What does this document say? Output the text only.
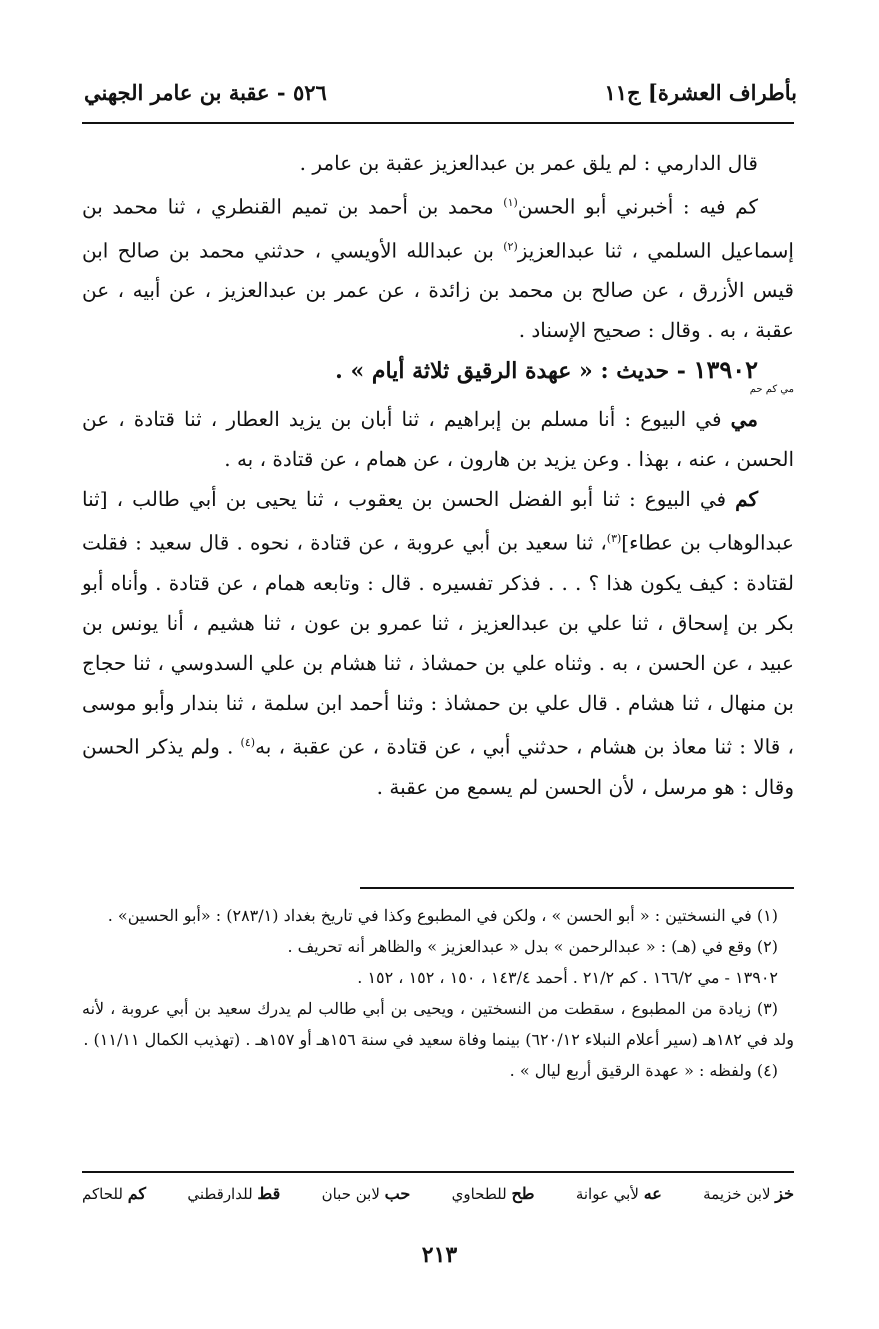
بأطراف العشرة] ج١١
٥٢٦ - عقبة بن عامر الجهني

قال الدارمي : لم يلق عمر بن عبدالعزيز عقبة بن عامر .

كم فيه : أخبرني أبو الحسن$^{(١)}$ محمد بن أحمد بن تميم القنطري ، ثنا محمد بن إسماعيل السلمي ، ثنا عبدالعزيز$^{(٢)}$ بن عبدالله الأويسي ، حدثني محمد بن صالح ابن قيس الأزرق ، عن صالح بن محمد بن زائدة ، عن عمر بن عبدالعزيز ، عن أبيه ، عن عقبة ، به . وقال : صحيح الإسناد .

١٣٩٠٢ - حديث : « عهدة الرقيق ثلاثة أيام » .

مي كم حم

مي في البيوع : أنا مسلم بن إبراهيم ، ثنا أبان بن يزيد العطار ، ثنا قتادة ، عن الحسن ، عنه ، بهذا . وعن يزيد بن هارون ، عن همام ، عن قتادة ، به .

كم في البيوع : ثنا أبو الفضل الحسن بن يعقوب ، ثنا يحيى بن أبي طالب ، [ثنا عبدالوهاب بن عطاء]$^{(٣)}$، ثنا سعيد بن أبي عروبة ، عن قتادة ، نحوه . قال سعيد : فقلت لقتادة : كيف يكون هذا ؟ . . . فذكر تفسيره . قال : وتابعه همام ، عن قتادة . وأناه أبو بكر بن إسحاق ، ثنا علي بن عبدالعزيز ، ثنا عمرو بن عون ، ثنا هشيم ، أنا يونس بن عبيد ، عن الحسن ، به . وثناه علي بن حمشاذ ، ثنا هشام بن علي السدوسي ، ثنا حجاج بن منهال ، ثنا هشام . قال علي بن حمشاذ : وثنا أحمد ابن سلمة ، ثنا بندار وأبو موسى ، قالا : ثنا معاذ بن هشام ، حدثني أبي ، عن قتادة ، عن عقبة ، به$^{(٤)}$ . ولم يذكر الحسن وقال : هو مرسل ، لأن الحسن لم يسمع من عقبة .

(١) في النسختين : « أبو الحسن » ، ولكن في المطبوع وكذا في تاريخ بغداد (٢٨٣/١) : «أبو الحسين» .

(٢) وقع في (هـ) : « عبدالرحمن » بدل « عبدالعزيز » والظاهر أنه تحريف .

١٣٩٠٢ - مي ١٦٦/٢ . كم ٢١/٢ . أحمد ١٤٣/٤ ، ١٥٠ ، ١٥٢ ، ١٥٢ .

(٣) زيادة من المطبوع ، سقطت من النسختين ، ويحيى بن أبي طالب لم يدرك سعيد بن أبي عروبة ، لأنه ولد في ١٨٢هـ (سير أعلام النبلاء ٦٢٠/١٢) بينما وفاة سعيد في سنة ١٥٦هـ أو ١٥٧هـ . (تهذيب الكمال ١١/١١) .

(٤) ولفظه : « عهدة الرقيق أربع ليال » .

خز لابن خزيمة
عه لأبي عوانة
طح للطحاوي
حب لابن حبان
قط للدارقطني
كم للحاكم
٢١٣
